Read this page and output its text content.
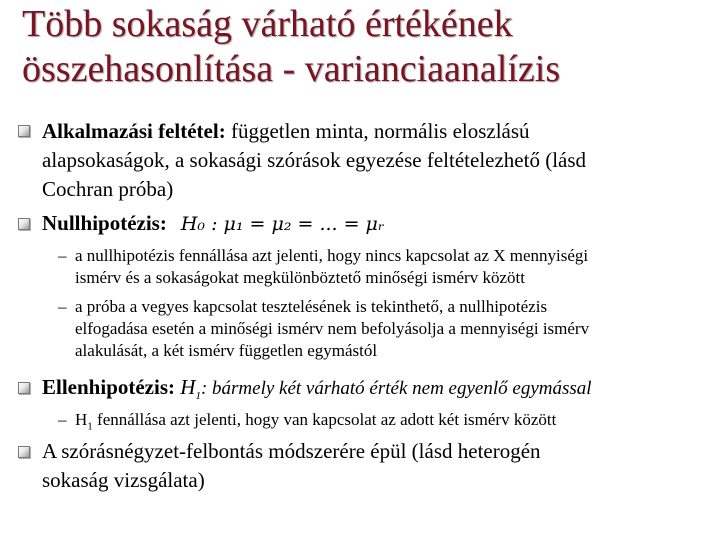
Több sokaság várható értékének
összehasonlítása - varianciaanalízis
Alkalmazási feltétel: független minta, normális eloszlású
alapsokaságok, a sokasági szórások egyezése feltételezhető (lásd
Cochran próba)
Nullhipotézis: H₀ : μ₁ = μ₂ = ... = μᵣ
– a nullhipotézis fennállása azt jelenti, hogy nincs kapcsolat az X mennyiségi
ismérv és a sokaságokat megkülönböztető minőségi ismérv között
– a próba a vegyes kapcsolat tesztelésének is tekinthető, a nullhipotézis
elfogadása esetén a minőségi ismérv nem befolyásolja a mennyiségi ismérv
alakulását, a két ismérv független egymástól
Ellenhipotézis: $H_1$: bármely két várható érték nem egyenlő egymással
– $H_1$ fennállása azt jelenti, hogy van kapcsolat az adott két ismérv között
A szórásnégyzet-felbontás módszerére épül (lásd heterogén
sokaság vizsgálata)
